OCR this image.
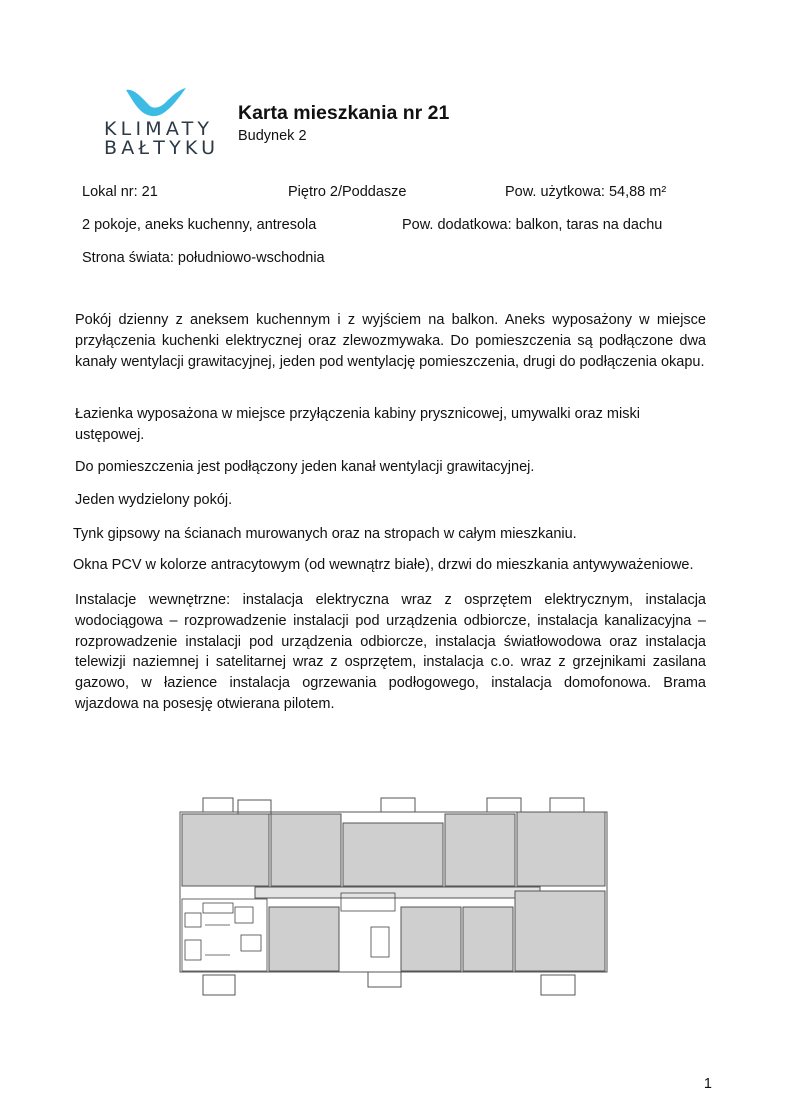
KLIMATY
BAŁTYKU
Karta mieszkania nr 21
Budynek 2
Lokal nr: 21	Piętro 2/Poddasze	Pow. użytkowa: 54,88 m²
2 pokoje, aneks kuchenny, antresola	Pow. dodatkowa: balkon, taras na dachu
Strona świata: południowo-wschodnia

Pokój dzienny z aneksem kuchennym i z wyjściem na balkon. Aneks wyposażony w miejsce przyłączenia kuchenki elektrycznej oraz zlewozmywaka. Do pomieszczenia są podłączone dwa kanały wentylacji grawitacyjnej, jeden pod wentylację pomieszczenia, drugi do podłączenia okapu.

Łazienka wyposażona w miejsce przyłączenia kabiny prysznicowej, umywalki oraz miski ustępowej.

Do pomieszczenia jest podłączony jeden kanał wentylacji grawitacyjnej.

Jeden wydzielony pokój.

Tynk gipsowy na ścianach murowanych oraz na stropach w całym mieszkaniu.

Okna PCV w kolorze antracytowym (od wewnątrz białe), drzwi do mieszkania antywyważeniowe.

Instalacje wewnętrzne: instalacja elektryczna wraz z osprzętem elektrycznym, instalacja wodociągowa – rozprowadzenie instalacji pod urządzenia odbiorcze, instalacja kanalizacyjna – rozprowadzenie instalacji pod urządzenia odbiorcze, instalacja światłowodowa oraz instalacja telewizji naziemnej i satelitarnej wraz z osprzętem, instalacja c.o. wraz z grzejnikami zasilana gazowo, w łazience instalacja ogrzewania podłogowego, instalacja domofonowa. Brama wjazdowa na posesję otwierana pilotem.

1
